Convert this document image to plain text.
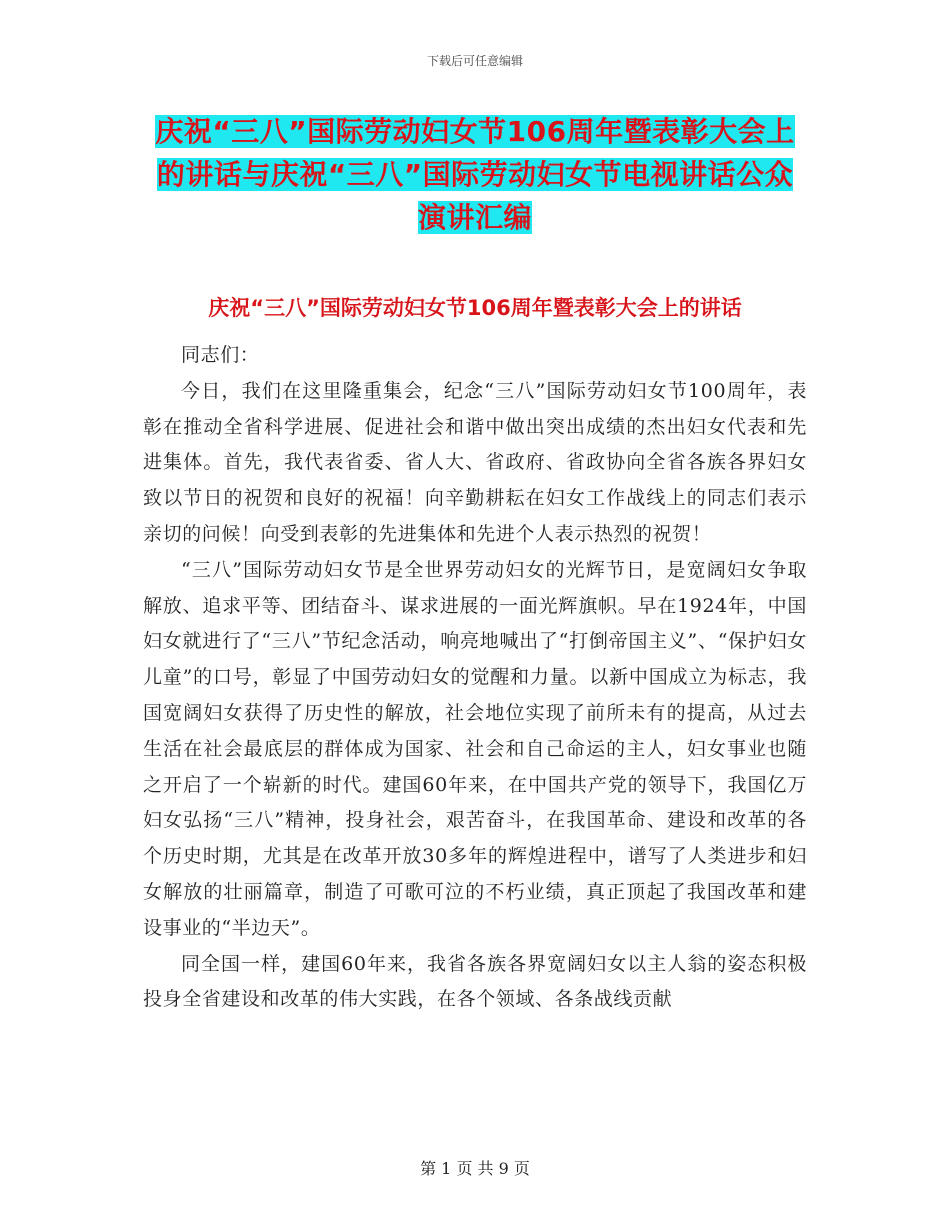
下载后可任意编辑
庆祝“三八”国际劳动妇女节106周年暨表彰大会上的讲话与庆祝“三八”国际劳动妇女节电视讲话公众演讲汇编
庆祝“三八”国际劳动妇女节106周年暨表彰大会上的讲话

同志们：

今日，我们在这里隆重集会，纪念“三八”国际劳动妇女节100周年，表彰在推动全省科学进展、促进社会和谐中做出突出成绩的杰出妇女代表和先进集体。首先，我代表省委、省人大、省政府、省政协向全省各族各界妇女致以节日的祝贺和良好的祝福！向辛勤耕耘在妇女工作战线上的同志们表示亲切的问候！向受到表彰的先进集体和先进个人表示热烈的祝贺！

“三八”国际劳动妇女节是全世界劳动妇女的光辉节日，是宽阔妇女争取解放、追求平等、团结奋斗、谋求进展的一面光辉旗帜。早在1924年，中国妇女就进行了“三八”节纪念活动，响亮地喊出了“打倒帝国主义”、“保护妇女儿童”的口号，彰显了中国劳动妇女的觉醒和力量。以新中国成立为标志，我国宽阔妇女获得了历史性的解放，社会地位实现了前所未有的提高，从过去生活在社会最底层的群体成为国家、社会和自己命运的主人，妇女事业也随之开启了一个崭新的时代。建国60年来，在中国共产党的领导下，我国亿万妇女弘扬“三八”精神，投身社会，艰苦奋斗，在我国革命、建设和改革的各个历史时期，尤其是在改革开放30多年的辉煌进程中，谱写了人类进步和妇女解放的壮丽篇章，制造了可歌可泣的不朽业绩，真正顶起了我国改革和建设事业的“半边天”。

同全国一样，建国60年来，我省各族各界宽阔妇女以主人翁的姿态积极投身全省建设和改革的伟大实践，在各个领域、各条战线贡献

第 1 页 共 9 页
